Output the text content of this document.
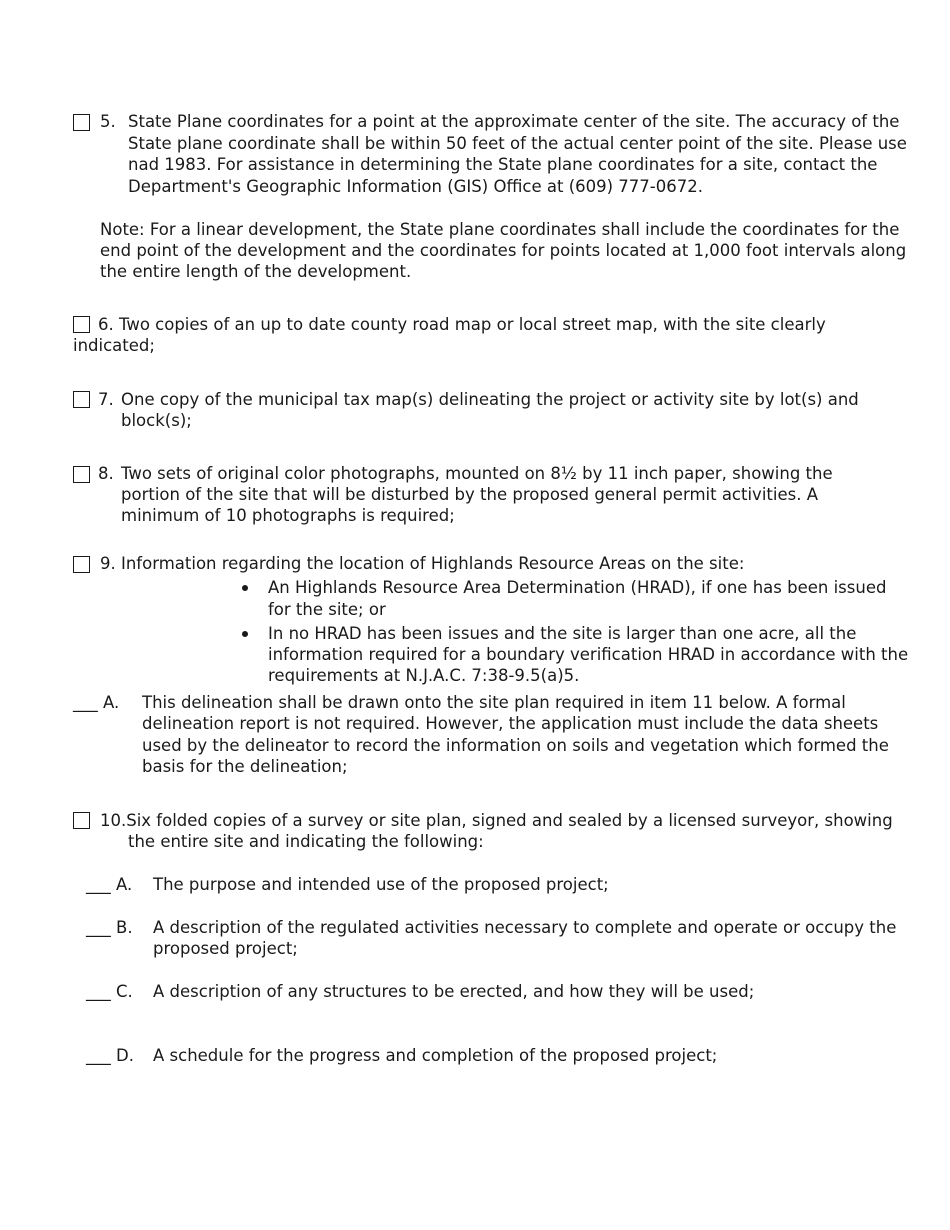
5. State Plane coordinates for a point at the approximate center of the site. The accuracy of the
State plane coordinate shall be within 50 feet of the actual center point of the site. Please use
nad 1983. For assistance in determining the State plane coordinates for a site, contact the
Department's Geographic Information (GIS) Office at (609) 777-0672.
Note: For a linear development, the State plane coordinates shall include the coordinates for the
end point of the development and the coordinates for points located at 1,000 foot intervals along
the entire length of the development.
6. Two copies of an up to date county road map or local street map, with the site clearly
indicated;
7. One copy of the municipal tax map(s) delineating the project or activity site by lot(s) and
block(s);
8. Two sets of original color photographs, mounted on 8½ by 11 inch paper, showing the
portion of the site that will be disturbed by the proposed general permit activities. A
minimum of 10 photographs is required;
9. Information regarding the location of Highlands Resource Areas on the site:
An Highlands Resource Area Determination (HRAD), if one has been issued
for the site; or
In no HRAD has been issues and the site is larger than one acre, all the
information required for a boundary verification HRAD in accordance with the
requirements at N.J.A.C. 7:38-9.5(a)5.
___ A. This delineation shall be drawn onto the site plan required in item 11 below. A formal
delineation report is not required. However, the application must include the data sheets
used by the delineator to record the information on soils and vegetation which formed the
basis for the delineation;
10.Six folded copies of a survey or site plan, signed and sealed by a licensed surveyor, showing
the entire site and indicating the following:
___ A. The purpose and intended use of the proposed project;
___ B. A description of the regulated activities necessary to complete and operate or occupy the
proposed project;
___ C. A description of any structures to be erected, and how they will be used;
___ D. A schedule for the progress and completion of the proposed project;
